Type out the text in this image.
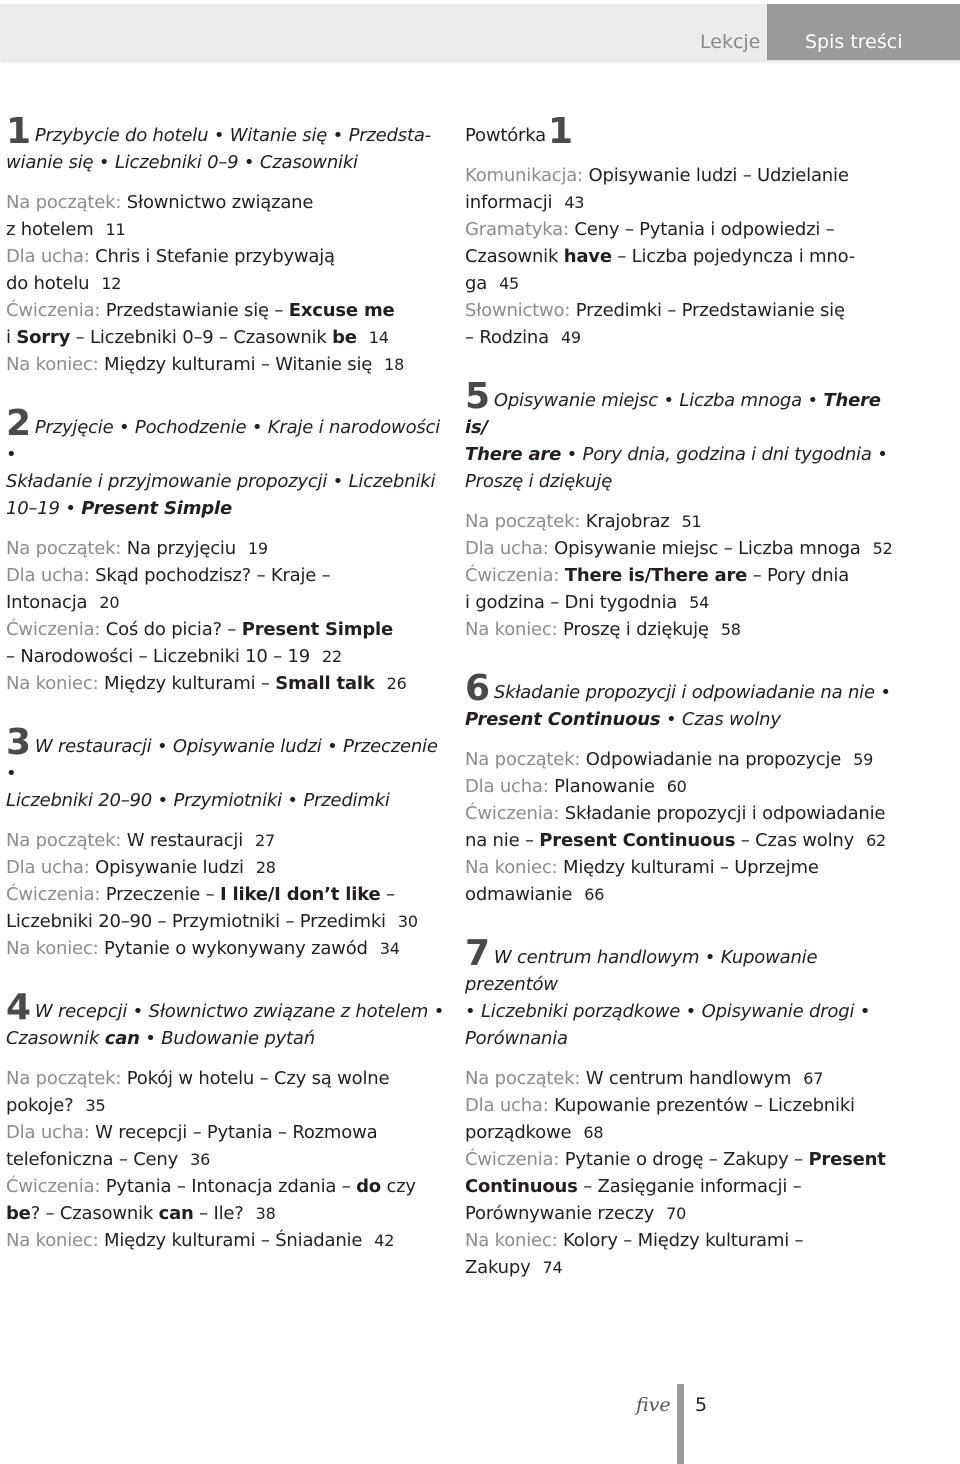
Lekcje Spis treści
1 Przybycie do hotelu • Witanie się • Przedsta-
wianie się • Liczebniki 0–9 • Czasowniki
Na początek: Słownictwo związane
z hotelem 11
Dla ucha: Chris i Stefanie przybywają
do hotelu 12
Ćwiczenia: Przedstawianie się – Excuse me
i Sorry – Liczebniki 0–9 – Czasownik be 14
Na koniec: Między kulturami – Witanie się 18
2 Przyjęcie • Pochodzenie • Kraje i narodowości •
Składanie i przyjmowanie propozycji • Liczebniki
10–19 • Present Simple
Na początek: Na przyjęciu 19
Dla ucha: Skąd pochodzisz? – Kraje –
Intonacja 20
Ćwiczenia: Coś do picia? – Present Simple
– Narodowości – Liczebniki 10 – 19 22
Na koniec: Między kulturami – Small talk 26
3 W restauracji • Opisywanie ludzi • Przeczenie •
Liczebniki 20–90 • Przymiotniki • Przedimki
Na początek: W restauracji 27
Dla ucha: Opisywanie ludzi 28
Ćwiczenia: Przeczenie – I like/I don’t like –
Liczebniki 20–90 – Przymiotniki – Przedimki 30
Na koniec: Pytanie o wykonywany zawód 34
4 W recepcji • Słownictwo związane z hotelem •
Czasownik can • Budowanie pytań
Na początek: Pokój w hotelu – Czy są wolne
pokoje? 35
Dla ucha: W recepcji – Pytania – Rozmowa
telefoniczna – Ceny 36
Ćwiczenia: Pytania – Intonacja zdania – do czy
be? – Czasownik can – Ile? 38
Na koniec: Między kulturami – Śniadanie 42
Powtórka1
Komunikacja: Opisywanie ludzi – Udzielanie
informacji 43
Gramatyka: Ceny – Pytania i odpowiedzi –
Czasownik have – Liczba pojedyncza i mno-
ga 45
Słownictwo: Przedimki – Przedstawianie się
– Rodzina 49
5 Opisywanie miejsc • Liczba mnoga • There is/
There are • Pory dnia, godzina i dni tygodnia •
Proszę i dziękuję
Na początek: Krajobraz 51
Dla ucha: Opisywanie miejsc – Liczba mnoga 52
Ćwiczenia: There is/There are – Pory dnia
i godzina – Dni tygodnia 54
Na koniec: Proszę i dziękuję 58
6 Składanie propozycji i odpowiadanie na nie •
Present Continuous • Czas wolny
Na początek: Odpowiadanie na propozycje 59
Dla ucha: Planowanie 60
Ćwiczenia: Składanie propozycji i odpowiadanie
na nie – Present Continuous – Czas wolny 62
Na koniec: Między kulturami – Uprzejme
odmawianie 66
7 W centrum handlowym • Kupowanie prezentów
• Liczebniki porządkowe • Opisywanie drogi •
Porównania
Na początek: W centrum handlowym 67
Dla ucha: Kupowanie prezentów – Liczebniki
porządkowe 68
Ćwiczenia: Pytanie o drogę – Zakupy – Present
Continuous – Zasięganie informacji –
Porównywanie rzeczy 70
Na koniec: Kolory – Między kulturami –
Zakupy 74
five 5
